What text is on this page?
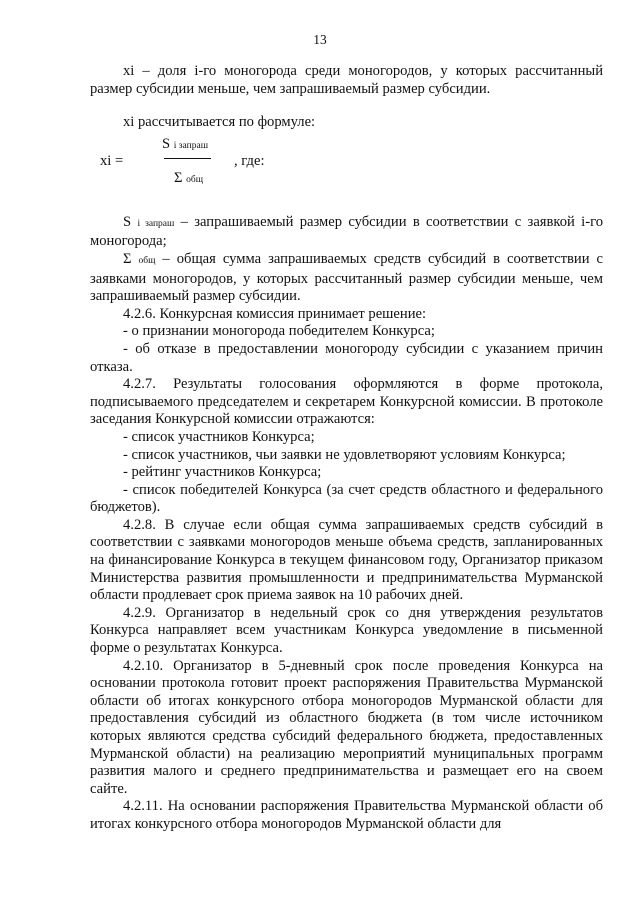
13

xi – доля i-го моногорода среди моногородов, у которых рассчитанный размер субсидии меньше, чем запрашиваемый размер субсидии.

xi рассчитывается по формуле:

xi =
S i запраш
Σ общ
, где:

S i запраш – запрашиваемый размер субсидии в соответствии с заявкой i-го моногорода;

Σ общ – общая сумма запрашиваемых средств субсидий в соответствии с заявками моногородов, у которых рассчитанный размер субсидии меньше, чем запрашиваемый размер субсидии.

4.2.6. Конкурсная комиссия принимает решение:

- о признании моногорода победителем Конкурса;

- об отказе в предоставлении моногороду субсидии с указанием причин отказа.

4.2.7. Результаты голосования оформляются в форме протокола, подписываемого председателем и секретарем Конкурсной комиссии. В протоколе заседания Конкурсной комиссии отражаются:

- список участников Конкурса;

- список участников, чьи заявки не удовлетворяют условиям Конкурса;

- рейтинг участников Конкурса;

- список победителей Конкурса (за счет средств областного и федерального бюджетов).

4.2.8. В случае если общая сумма запрашиваемых средств субсидий в соответствии с заявками моногородов меньше объема средств, запланированных на финансирование Конкурса в текущем финансовом году, Организатор приказом Министерства развития промышленности и предпринимательства Мурманской области продлевает срок приема заявок на 10 рабочих дней.

4.2.9. Организатор в недельный срок со дня утверждения результатов Конкурса направляет всем участникам Конкурса уведомление в письменной форме о результатах Конкурса.

4.2.10. Организатор в 5-дневный срок после проведения Конкурса на основании протокола готовит проект распоряжения Правительства Мурманской области об итогах конкурсного отбора моногородов Мурманской области для предоставления субсидий из областного бюджета (в том числе источником которых являются средства субсидий федерального бюджета, предоставленных Мурманской области) на реализацию мероприятий муниципальных программ развития малого и среднего предпринимательства и размещает его на своем сайте.

4.2.11. На основании распоряжения Правительства Мурманской области об итогах конкурсного отбора моногородов Мурманской области для
